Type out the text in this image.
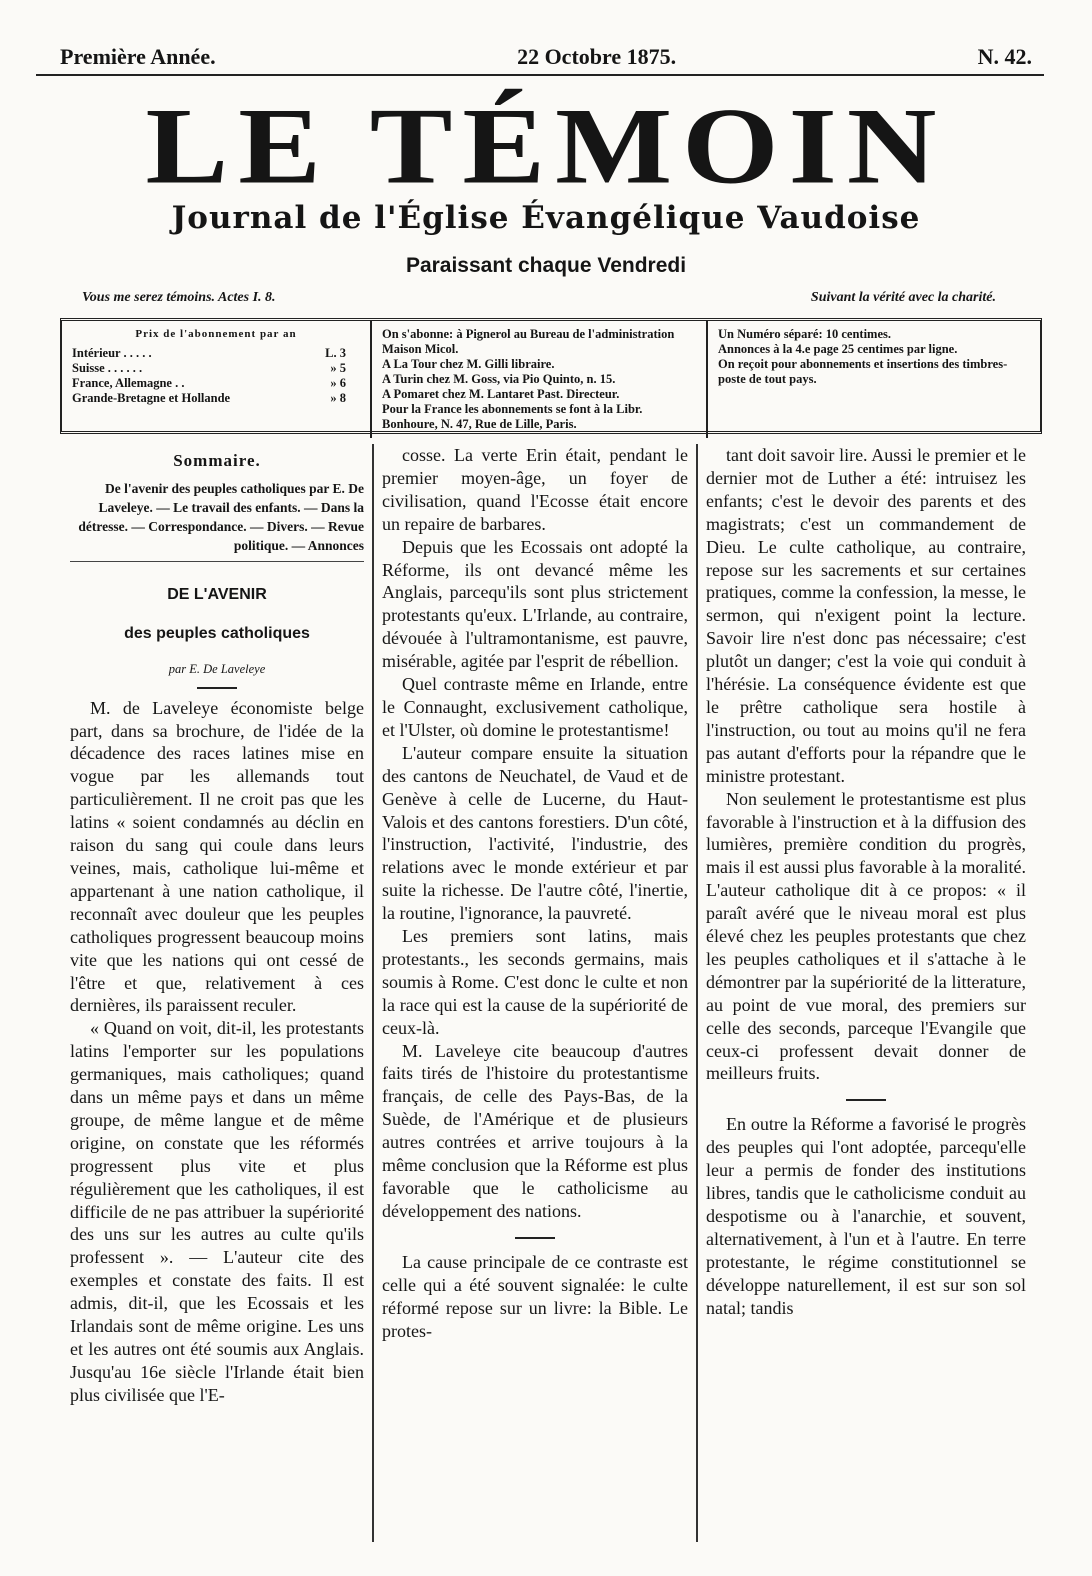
Première Année.	22 Octobre 1875.	N. 42.
LE TÉMOIN
Journal de l'Église Évangélique Vaudoise
Paraissant chaque Vendredi
Vous me serez témoins. Actes I. 8.	Suivant la vérité avec la charité.
Prix de l'abonnement par an
Intérieur . . . . .	L. 3
Suisse . . . . . .	» 5
France, Allemagne . .	» 6
Grande-Bretagne et Hollande	» 8
On s'abonne: à Pignerol au Bureau de l'administration Maison Micol.
A La Tour chez M. Gilli libraire.
A Turin chez M. Goss, via Pio Quinto, n. 15.
A Pomaret chez M. Lantaret Past. Directeur.
Pour la France les abonnements se font à la Libr. Bonhoure, N. 47, Rue de Lille, Paris.
Un Numéro séparé: 10 centimes.
Annonces à la 4.e page 25 centimes par ligne.
On reçoit pour abonnements et insertions des timbres-poste de tout pays.
Sommaire.
De l'avenir des peuples catholiques par E. De Laveleye. — Le travail des enfants. — Dans la détresse. — Correspondance. — Divers. — Revue politique. — Annonces
DE L'AVENIR
des peuples catholiques
par E. De Laveleye

M. de Laveleye économiste belge part, dans sa brochure, de l'idée de la décadence des races latines mise en vogue par les allemands tout particulièrement. Il ne croit pas que les latins « soient condamnés au déclin en raison du sang qui coule dans leurs veines, mais, catholique lui-même et appartenant à une nation catholique, il reconnaît avec douleur que les peuples catholiques progressent beaucoup moins vite que les nations qui ont cessé de l'être et que, relativement à ces dernières, ils paraissent reculer.

« Quand on voit, dit-il, les protestants latins l'emporter sur les populations germaniques, mais catholiques; quand dans un même pays et dans un même groupe, de même langue et de même origine, on constate que les réformés progressent plus vite et plus régulièrement que les catholiques, il est difficile de ne pas attribuer la supériorité des uns sur les autres au culte qu'ils professent ». — L'auteur cite des exemples et constate des faits. Il est admis, dit-il, que les Ecossais et les Irlandais sont de même origine. Les uns et les autres ont été soumis aux Anglais. Jusqu'au 16e siècle l'Irlande était bien plus civilisée que l'E-

cosse. La verte Erin était, pendant le premier moyen-âge, un foyer de civilisation, quand l'Ecosse était encore un repaire de barbares.

Depuis que les Ecossais ont adopté la Réforme, ils ont devancé même les Anglais, parcequ'ils sont plus strictement protestants qu'eux. L'Irlande, au contraire, dévouée à l'ultramontanisme, est pauvre, misérable, agitée par l'esprit de rébellion.

Quel contraste même en Irlande, entre le Connaught, exclusivement catholique, et l'Ulster, où domine le protestantisme!

L'auteur compare ensuite la situation des cantons de Neuchatel, de Vaud et de Genève à celle de Lucerne, du Haut-Valois et des cantons forestiers. D'un côté, l'instruction, l'activité, l'industrie, des relations avec le monde extérieur et par suite la richesse. De l'autre côté, l'inertie, la routine, l'ignorance, la pauvreté.

Les premiers sont latins, mais protestants., les seconds germains, mais soumis à Rome. C'est donc le culte et non la race qui est la cause de la supériorité de ceux-là.

M. Laveleye cite beaucoup d'autres faits tirés de l'histoire du protestantisme français, de celle des Pays-Bas, de la Suède, de l'Amérique et de plusieurs autres contrées et arrive toujours à la même conclusion que la Réforme est plus favorable que le catholicisme au développement des nations.

La cause principale de ce contraste est celle qui a été souvent signalée: le culte réformé repose sur un livre: la Bible. Le protes-

tant doit savoir lire. Aussi le premier et le dernier mot de Luther a été: intruisez les enfants; c'est le devoir des parents et des magistrats; c'est un commandement de Dieu. Le culte catholique, au contraire, repose sur les sacrements et sur certaines pratiques, comme la confession, la messe, le sermon, qui n'exigent point la lecture. Savoir lire n'est donc pas nécessaire; c'est plutôt un danger; c'est la voie qui conduit à l'hérésie. La conséquence évidente est que le prêtre catholique sera hostile à l'instruction, ou tout au moins qu'il ne fera pas autant d'efforts pour la répandre que le ministre protestant.

Non seulement le protestantisme est plus favorable à l'instruction et à la diffusion des lumières, première condition du progrès, mais il est aussi plus favorable à la moralité. L'auteur catholique dit à ce propos: « il paraît avéré que le niveau moral est plus élevé chez les peuples protestants que chez les peuples catholiques et il s'attache à le démontrer par la supériorité de la litterature, au point de vue moral, des premiers sur celle des seconds, parceque l'Evangile que ceux-ci professent devait donner de meilleurs fruits.

En outre la Réforme a favorisé le progrès des peuples qui l'ont adoptée, parcequ'elle leur a permis de fonder des institutions libres, tandis que le catholicisme conduit au despotisme ou à l'anarchie, et souvent, alternativement, à l'un et à l'autre. En terre protestante, le régime constitutionnel se développe naturellement, il est sur son sol natal; tandis
